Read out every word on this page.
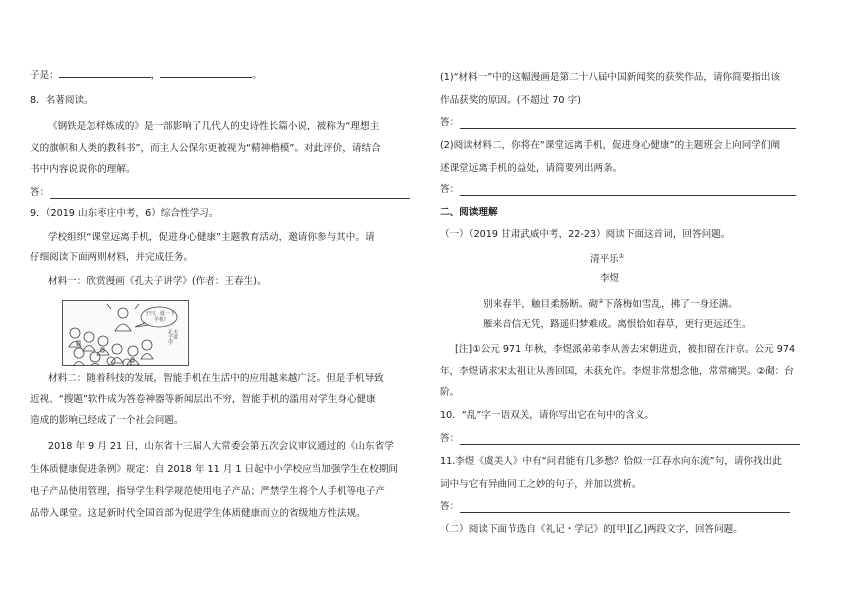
子是：	，	。
8．名著阅读。
《钢铁是怎样炼成的》是一部影响了几代人的史诗性长篇小说，被称为“理想主
义的旗帜和人类的教科书”，而主人公保尔更被视为“精神楷模”。对此评价，请结合
书中内容说说你的理解。
答：
9．（2019 山东枣庄中考，6）综合性学习。
学校组织“课堂远离手机，促进身心健康”主题教育活动，邀请你参与其中。请
仔细阅读下面两则材料，并完成任务。
材料一：欣赏漫画《孔夫子讲学》(作者：王春生)。
子曰，低一下手机!
孔夫子讲学
材料二：随着科技的发展，智能手机在生活中的应用越来越广泛。但是手机导致
近视、“搜题”软件成为答卷神器等新闻层出不穷，智能手机的滥用对学生身心健康
造成的影响已经成了一个社会问题。
2018 年 9 月 21 日，山东省十三届人大常委会第五次会议审议通过的《山东省学
生体质健康促进条例》规定：自 2018 年 11 月 1 日起中小学校应当加强学生在校期间
电子产品使用管理，指导学生科学规范使用电子产品；严禁学生将个人手机等电子产
品带入课堂。这是新时代全国首部为促进学生体质健康而立的省级地方性法规。
(1)“材料一”中的这幅漫画是第二十八届中国新闻奖的获奖作品，请你简要指出该
作品获奖的原因。(不超过 70 字)
答：
(2)阅读材料二，你将在“课堂远离手机，促进身心健康”的主题班会上向同学们阐
述课堂远离手机的益处，请简要列出两条。
答：
二、阅读理解
（一）（2019 甘肃武威中考，22-23）阅读下面这首词，回答问题。
清平乐①
李煜
别来春半，触目柔肠断。砌②下落梅如雪乱，拂了一身还满。
雁来音信无凭，路遥归梦难成。离恨恰如春草，更行更远还生。
[注]①公元 971 年秋，李煜派弟弟李从善去宋朝进贡，被扣留在汴京。公元 974
年，李煜请求宋太祖让从善回国，未获允许。李煜非常想念他，常常痛哭。②砌：台
阶。
10．“乱”字一语双关，请你写出它在句中的含义。
答：
11.李煜《虞美人》中有“问君能有几多愁？恰似一江春水向东流”句，请你找出此
词中与它有异曲同工之妙的句子，并加以赏析。
答：
（二）阅读下面节选自《礼记・学记》的[甲][乙]两段文字，回答问题。
